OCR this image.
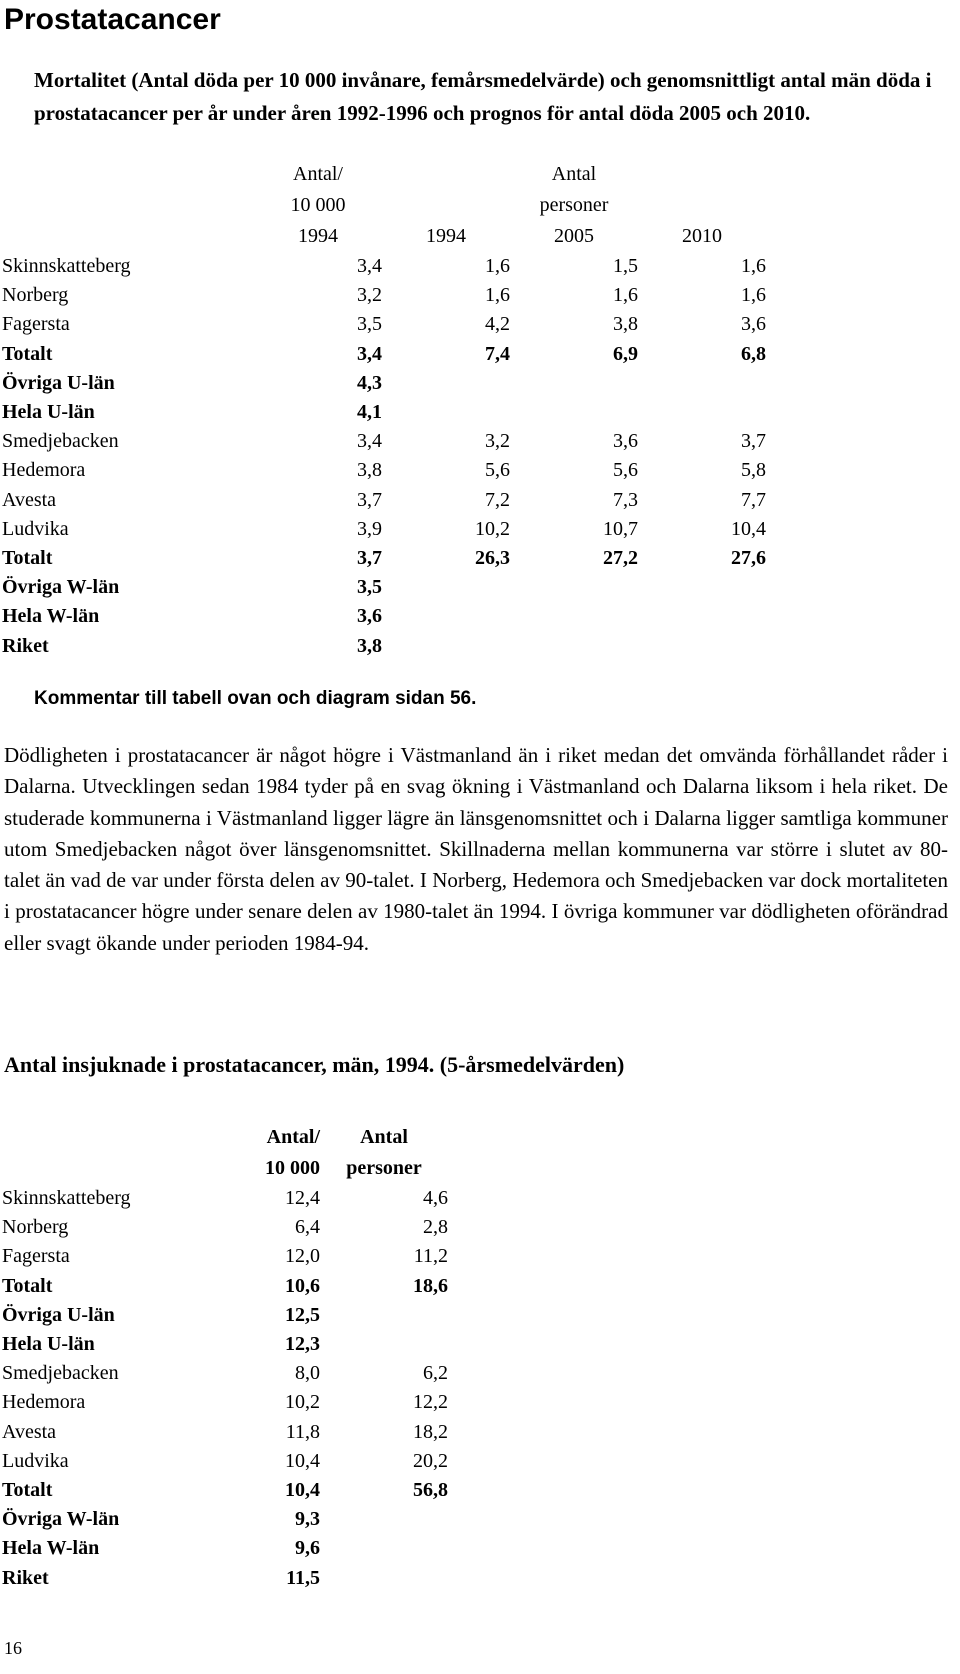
Prostatacancer

Mortalitet (Antal döda per 10 000 invånare, femårsmedelvärde) och genomsnittligt antal män döda i prostatacancer per år under åren 1992-1996 och prognos för antal döda 2005 och 2010.

	Antal/		Antal	
	10 000		personer	
	1994	1994	2005	2010
Skinnskatteberg	3,4	1,6	1,5	1,6
Norberg	3,2	1,6	1,6	1,6
Fagersta	3,5	4,2	3,8	3,6
Totalt	3,4	7,4	6,9	6,8
Övriga U-län	4,3			
Hela U-län	4,1			
Smedjebacken	3,4	3,2	3,6	3,7
Hedemora	3,8	5,6	5,6	5,8
Avesta	3,7	7,2	7,3	7,7
Ludvika	3,9	10,2	10,7	10,4
Totalt	3,7	26,3	27,2	27,6
Övriga W-län	3,5			
Hela W-län	3,6			
Riket	3,8			

Kommentar till tabell ovan och diagram sidan 56.

Dödligheten i prostatacancer är något högre i Västmanland än i riket medan det omvända förhållandet råder i Dalarna. Utvecklingen sedan 1984 tyder på en svag ökning i Västmanland och Dalarna liksom i hela riket. De studerade kommunerna i Västmanland ligger lägre än länsgenomsnittet och i Dalarna ligger samtliga kommuner utom Smedjebacken något över länsgenomsnittet. Skillnaderna mellan kommunerna var större i slutet av 80-talet än vad de var under första delen av 90-talet. I Norberg, Hedemora och Smedjebacken var dock mortaliteten i prostatacancer högre under senare delen av 1980-talet än 1994. I övriga kommuner var dödligheten oförändrad eller svagt ökande under perioden 1984-94.

Antal insjuknade i prostatacancer, män, 1994. (5-årsmedelvärden)

	Antal/	Antal
	10 000	personer
Skinnskatteberg	12,4	4,6
Norberg	6,4	2,8
Fagersta	12,0	11,2
Totalt	10,6	18,6
Övriga U-län	12,5	
Hela U-län	12,3	
Smedjebacken	8,0	6,2
Hedemora	10,2	12,2
Avesta	11,8	18,2
Ludvika	10,4	20,2
Totalt	10,4	56,8
Övriga W-län	9,3	
Hela W-län	9,6	
Riket	11,5	
16
